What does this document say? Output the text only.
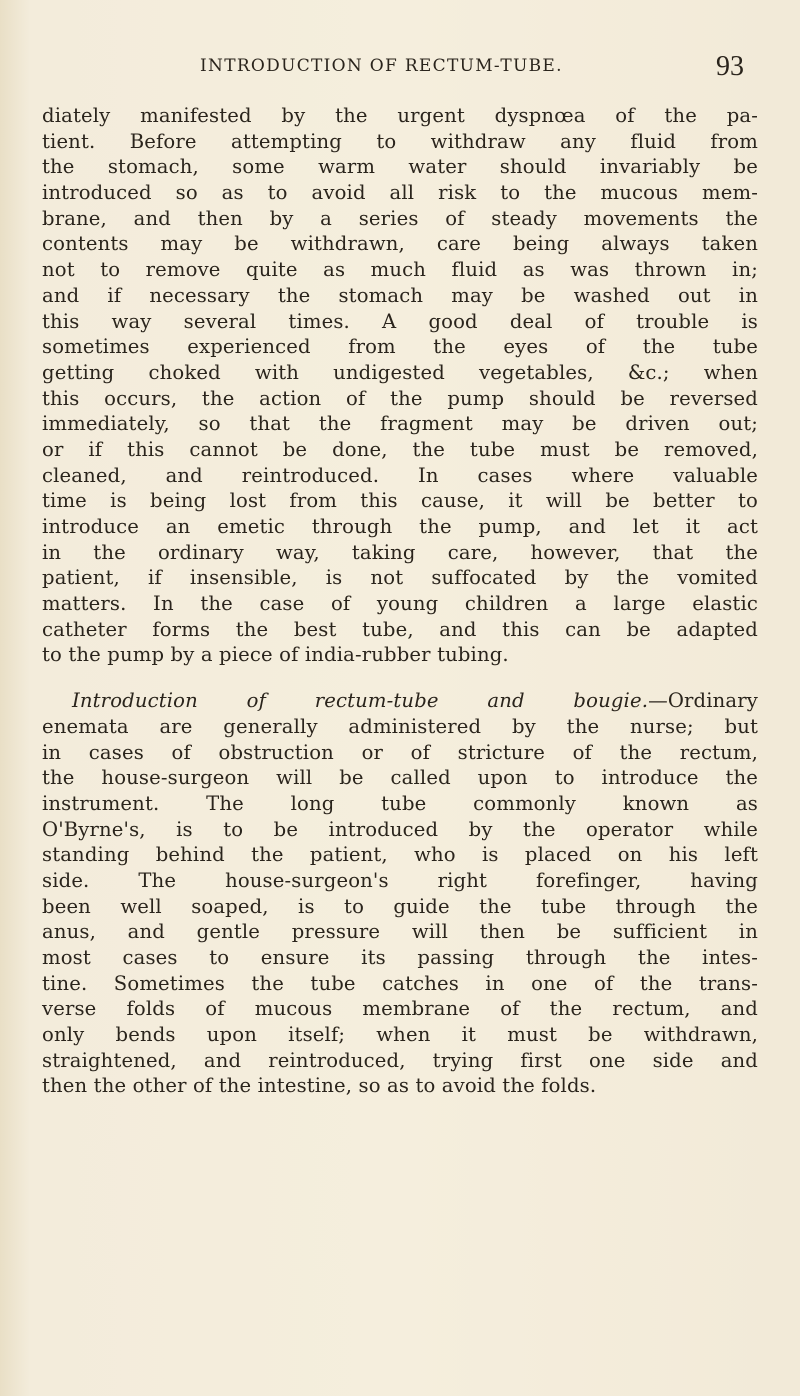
INTRODUCTION OF RECTUM-TUBE.	93
diately manifested by the urgent dyspnœa of the pa-
tient. Before attempting to withdraw any fluid from
the stomach, some warm water should invariably be
introduced so as to avoid all risk to the mucous mem-
brane, and then by a series of steady movements the
contents may be withdrawn, care being always taken
not to remove quite as much fluid as was thrown in;
and if necessary the stomach may be washed out in
this way several times. A good deal of trouble is
sometimes experienced from the eyes of the tube
getting choked with undigested vegetables, &c.; when
this occurs, the action of the pump should be reversed
immediately, so that the fragment may be driven out;
or if this cannot be done, the tube must be removed,
cleaned, and reintroduced. In cases where valuable
time is being lost from this cause, it will be better to
introduce an emetic through the pump, and let it act
in the ordinary way, taking care, however, that the
patient, if insensible, is not suffocated by the vomited
matters. In the case of young children a large elastic
catheter forms the best tube, and this can be adapted
to the pump by a piece of india-rubber tubing.
Introduction of rectum-tube and bougie.—Ordinary
enemata are generally administered by the nurse; but
in cases of obstruction or of stricture of the rectum,
the house-surgeon will be called upon to introduce the
instrument. The long tube commonly known as
O'Byrne's, is to be introduced by the operator while
standing behind the patient, who is placed on his left
side. The house-surgeon's right forefinger, having
been well soaped, is to guide the tube through the
anus, and gentle pressure will then be sufficient in
most cases to ensure its passing through the intes-
tine. Sometimes the tube catches in one of the trans-
verse folds of mucous membrane of the rectum, and
only bends upon itself; when it must be withdrawn,
straightened, and reintroduced, trying first one side and
then the other of the intestine, so as to avoid the folds.
